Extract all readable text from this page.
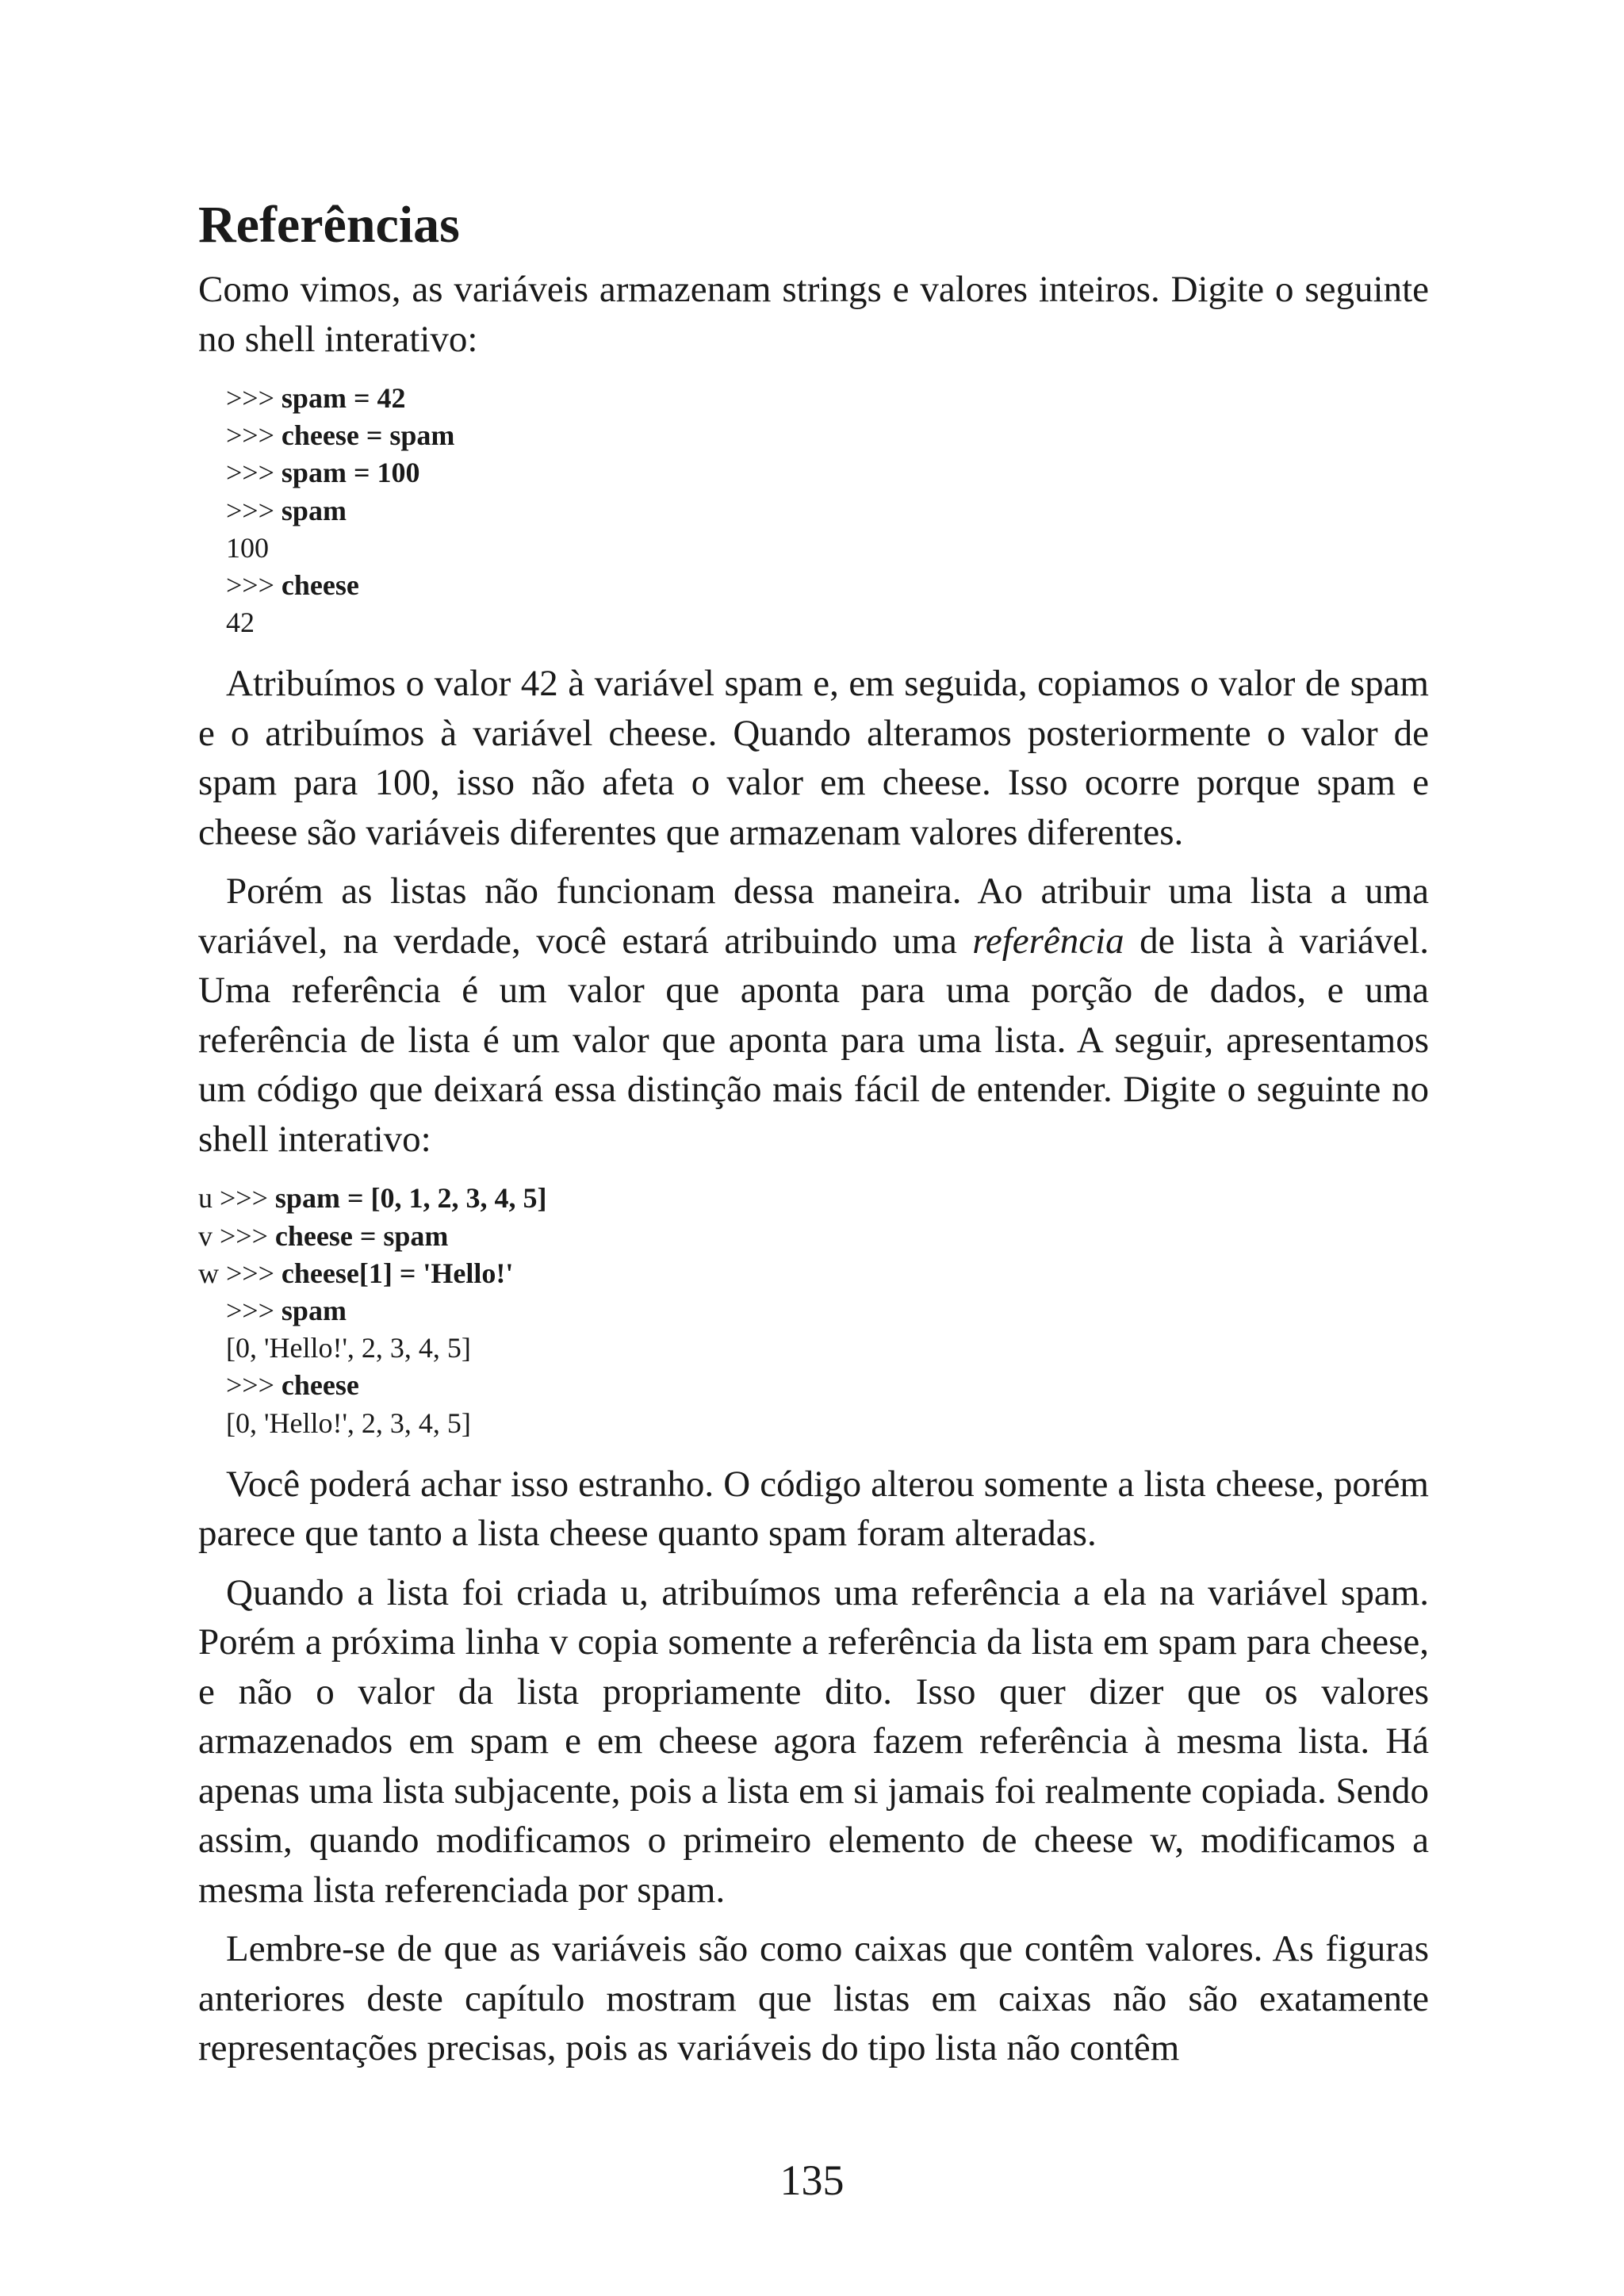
Referências

Como vimos, as variáveis armazenam strings e valores inteiros. Digite o seguinte no shell interativo:

>>> spam = 42
>>> cheese = spam
>>> spam = 100
>>> spam
100
>>> cheese
42

Atribuímos o valor 42 à variável spam e, em seguida, copiamos o valor de spam e o atribuímos à variável cheese. Quando alteramos posteriormente o valor de spam para 100, isso não afeta o valor em cheese. Isso ocorre porque spam e cheese são variáveis diferentes que armazenam valores diferentes.

Porém as listas não funcionam dessa maneira. Ao atribuir uma lista a uma variável, na verdade, você estará atribuindo uma referência de lista à variável. Uma referência é um valor que aponta para uma porção de dados, e uma referência de lista é um valor que aponta para uma lista. A seguir, apresentamos um código que deixará essa distinção mais fácil de entender. Digite o seguinte no shell interativo:

u >>> spam = [0, 1, 2, 3, 4, 5]
v >>> cheese = spam
w >>> cheese[1] = 'Hello!'
>>> spam
[0, 'Hello!', 2, 3, 4, 5]
>>> cheese
[0, 'Hello!', 2, 3, 4, 5]

Você poderá achar isso estranho. O código alterou somente a lista cheese, porém parece que tanto a lista cheese quanto spam foram alteradas.

Quando a lista foi criada u, atribuímos uma referência a ela na variável spam. Porém a próxima linha v copia somente a referência da lista em spam para cheese, e não o valor da lista propriamente dito. Isso quer dizer que os valores armazenados em spam e em cheese agora fazem referência à mesma lista. Há apenas uma lista subjacente, pois a lista em si jamais foi realmente copiada. Sendo assim, quando modificamos o primeiro elemento de cheese w, modificamos a mesma lista referenciada por spam.

Lembre-se de que as variáveis são como caixas que contêm valores. As figuras anteriores deste capítulo mostram que listas em caixas não são exatamente representações precisas, pois as variáveis do tipo lista não contêm

135
